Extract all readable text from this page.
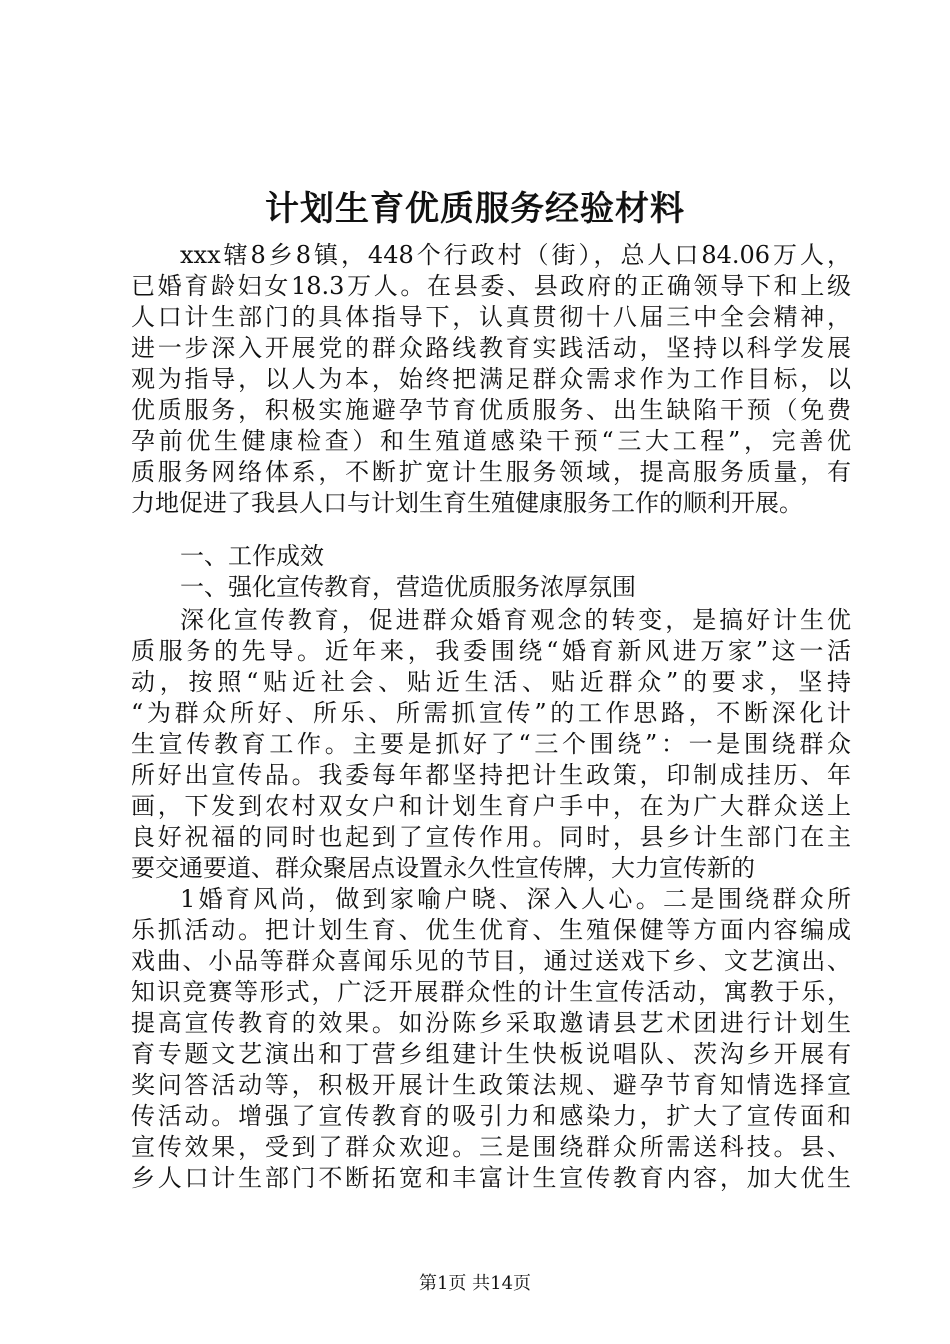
计划生育优质服务经验材料
xxx辖8乡8镇，448个行政村（街），总人口84.06万人，
已婚育龄妇女18.3万人。在县委、县政府的正确领导下和上级
人口计生部门的具体指导下，认真贯彻十八届三中全会精神，
进一步深入开展党的群众路线教育实践活动，坚持以科学发展
观为指导，以人为本，始终把满足群众需求作为工作目标，以
优质服务，积极实施避孕节育优质服务、出生缺陷干预（免费
孕前优生健康检查）和生殖道感染干预“三大工程”，完善优
质服务网络体系，不断扩宽计生服务领域，提高服务质量，有
力地促进了我县人口与计划生育生殖健康服务工作的顺利开展。
一、工作成效
一、强化宣传教育，营造优质服务浓厚氛围
深化宣传教育，促进群众婚育观念的转变，是搞好计生优
质服务的先导。近年来，我委围绕“婚育新风进万家”这一活
动，按照“贴近社会、贴近生活、贴近群众”的要求，坚持
“为群众所好、所乐、所需抓宣传”的工作思路，不断深化计
生宣传教育工作。主要是抓好了“三个围绕”：一是围绕群众
所好出宣传品。我委每年都坚持把计生政策，印制成挂历、年
画，下发到农村双女户和计划生育户手中，在为广大群众送上
良好祝福的同时也起到了宣传作用。同时，县乡计生部门在主
要交通要道、群众聚居点设置永久性宣传牌，大力宣传新的
1婚育风尚，做到家喻户晓、深入人心。二是围绕群众所
乐抓活动。把计划生育、优生优育、生殖保健等方面内容编成
戏曲、小品等群众喜闻乐见的节目，通过送戏下乡、文艺演出、
知识竞赛等形式，广泛开展群众性的计生宣传活动，寓教于乐，
提高宣传教育的效果。如汾陈乡采取邀请县艺术团进行计划生
育专题文艺演出和丁营乡组建计生快板说唱队、茨沟乡开展有
奖问答活动等，积极开展计生政策法规、避孕节育知情选择宣
传活动。增强了宣传教育的吸引力和感染力，扩大了宣传面和
宣传效果，受到了群众欢迎。三是围绕群众所需送科技。县、
乡人口计生部门不断拓宽和丰富计生宣传教育内容，加大优生
第1页 共14页
